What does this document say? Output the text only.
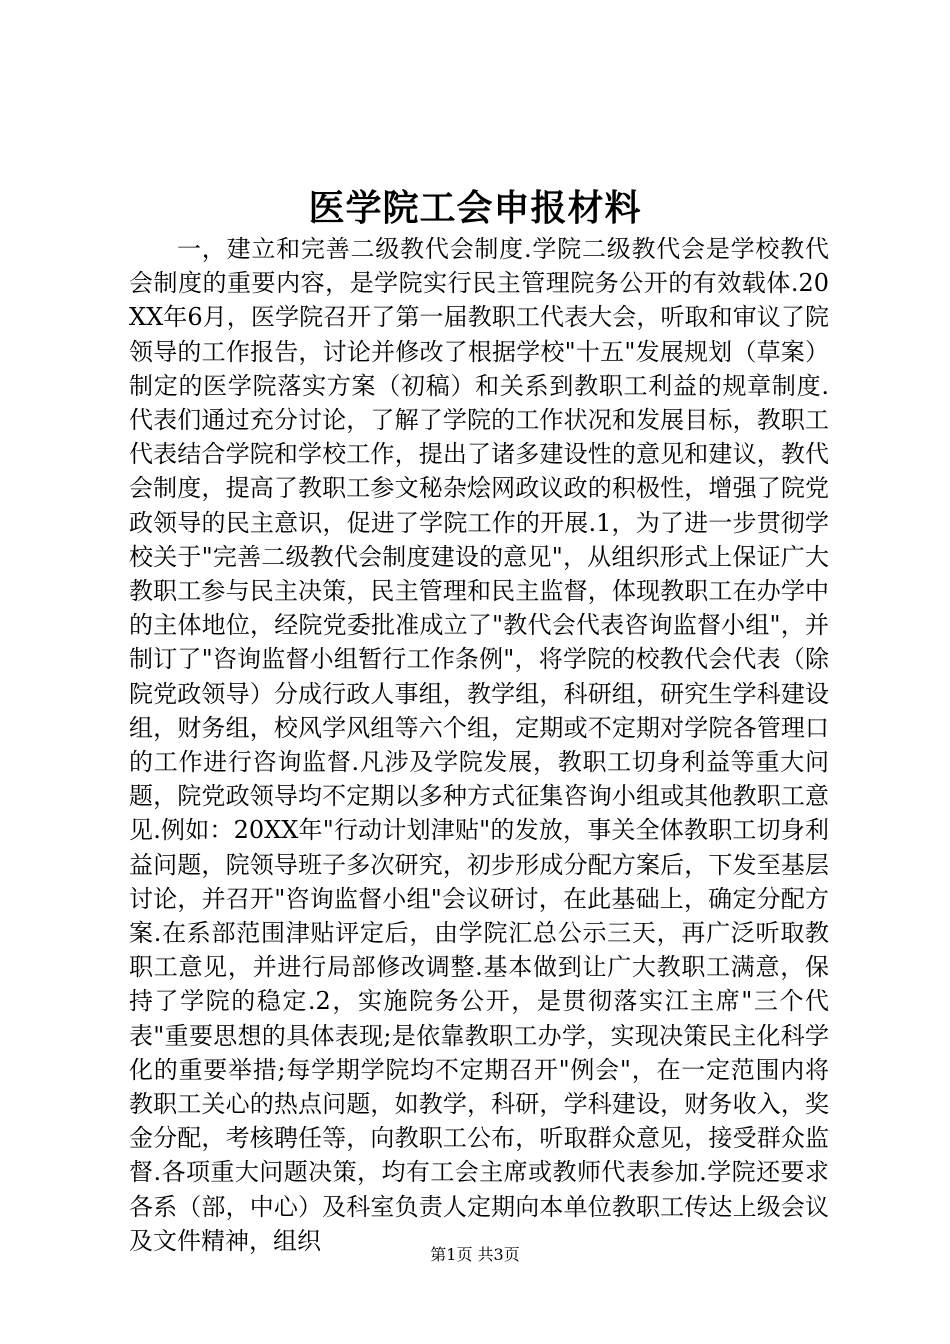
医学院工会申报材料

一，建立和完善二级教代会制度.学院二级教代会是学校教代会制度的重要内容，是学院实行民主管理院务公开的有效载体.20XX年6月，医学院召开了第一届教职工代表大会，听取和审议了院领导的工作报告，讨论并修改了根据学校"十五"发展规划（草案）制定的医学院落实方案（初稿）和关系到教职工利益的规章制度.代表们通过充分讨论，了解了学院的工作状况和发展目标，教职工代表结合学院和学校工作，提出了诸多建设性的意见和建议，教代会制度，提高了教职工参文秘杂烩网政议政的积极性，增强了院党政领导的民主意识，促进了学院工作的开展.1，为了进一步贯彻学校关于"完善二级教代会制度建设的意见"，从组织形式上保证广大教职工参与民主决策，民主管理和民主监督，体现教职工在办学中的主体地位，经院党委批准成立了"教代会代表咨询监督小组"，并制订了"咨询监督小组暂行工作条例"，将学院的校教代会代表（除院党政领导）分成行政人事组，教学组，科研组，研究生学科建设组，财务组，校风学风组等六个组，定期或不定期对学院各管理口的工作进行咨询监督.凡涉及学院发展，教职工切身利益等重大问题，院党政领导均不定期以多种方式征集咨询小组或其他教职工意见.例如：20XX年"行动计划津贴"的发放，事关全体教职工切身利益问题，院领导班子多次研究，初步形成分配方案后，下发至基层讨论，并召开"咨询监督小组"会议研讨，在此基础上，确定分配方案.在系部范围津贴评定后，由学院汇总公示三天，再广泛听取教职工意见，并进行局部修改调整.基本做到让广大教职工满意，保持了学院的稳定.2，实施院务公开，是贯彻落实江主席"三个代表"重要思想的具体表现;是依靠教职工办学，实现决策民主化科学化的重要举措;每学期学院均不定期召开"例会"，在一定范围内将教职工关心的热点问题，如教学，科研，学科建设，财务收入，奖金分配，考核聘任等，向教职工公布，听取群众意见，接受群众监督.各项重大问题决策，均有工会主席或教师代表参加.学院还要求各系（部，中心）及科室负责人定期向本单位教职工传达上级会议及文件精神，组织	第1页 共3页
